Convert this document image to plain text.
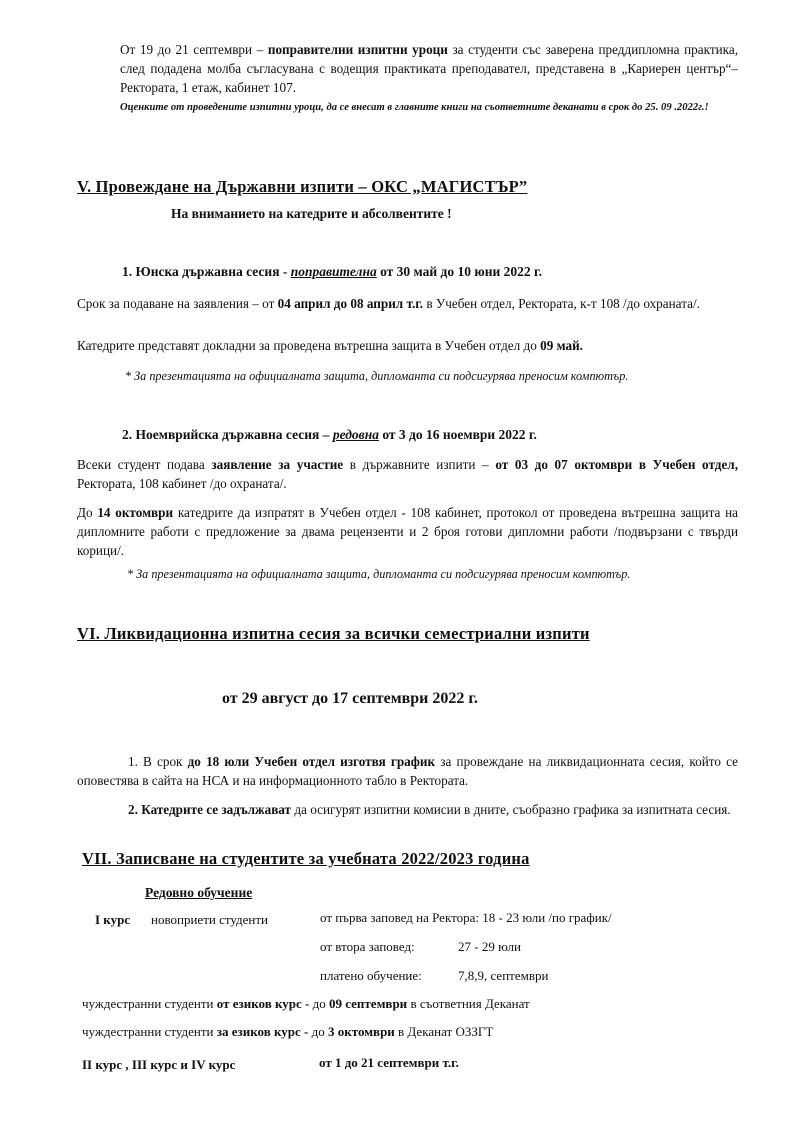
От 19 до 21 септември – поправителни изпитни уроци за студенти със заверена преддипломна практика, след подадена молба съгласувана с водещия практиката преподавател, представена в „Кариерен център“– Ректората, 1 етаж, кабинет 107.
Оценките от проведените изпитни уроци, да се внесат в главните книги на съответните деканати в срок до 25. 09 .2022г.!
V. Провеждане на Държавни изпити – ОКС „МАГИСТЪР”
На вниманието на катедрите и абсолвентите !
1. Юнска държавна сесия - поправителна от 30 май до 10 юни 2022 г.
Срок за подаване на заявления – от 04 април до 08 април т.г. в Учебен отдел, Ректората, к-т 108 /до охраната/.
Катедрите представят докладни за проведена вътрешна защита в Учебен отдел до 09 май.
* За презентацията на официалната защита, дипломанта си подсигурява преносим компютър.
2. Ноемврийска държавна сесия – редовна от 3 до 16 ноември 2022 г.
Всеки студент подава заявление за участие в държавните изпити – от 03 до 07 октомври в Учебен отдел, Ректората, 108 кабинет /до охраната/.
До 14 октомври катедрите да изпратят в Учебен отдел - 108 кабинет, протокол от проведена вътрешна защита на дипломните работи с предложение за двама рецензенти и 2 броя готови дипломни работи /подвързани с твърди корици/.
* За презентацията на официалната защита, дипломанта си подсигурява преносим компютър.
VI. Ликвидационна изпитна сесия за всички семестриални изпити
от 29 август до 17 септември 2022 г.
1. В срок до 18 юли Учебен отдел изготвя график за провеждане на ликвидационната сесия, който се оповестява в сайта на НСА и на информационното табло в Ректората.
2. Катедрите се задължават да осигурят изпитни комисии в дните, съобразно графика за изпитната сесия.
VII. Записване на студентите за учебната 2022/2023 година
Редовно обучение
I курс новоприети студенти	от първа заповед на Ректора: 18 - 23 юли /по график/
от втора заповед:	27 - 29 юли
платено обучение:	7,8,9, септември
чуждестранни студенти от езиков курс - до 09 септември в съответния Деканат
чуждестранни студенти за езиков курс - до 3 октомври в Деканат ОЗЗГТ
II курс , III курс и IV курс	от 1 до 21 септември т.г.
